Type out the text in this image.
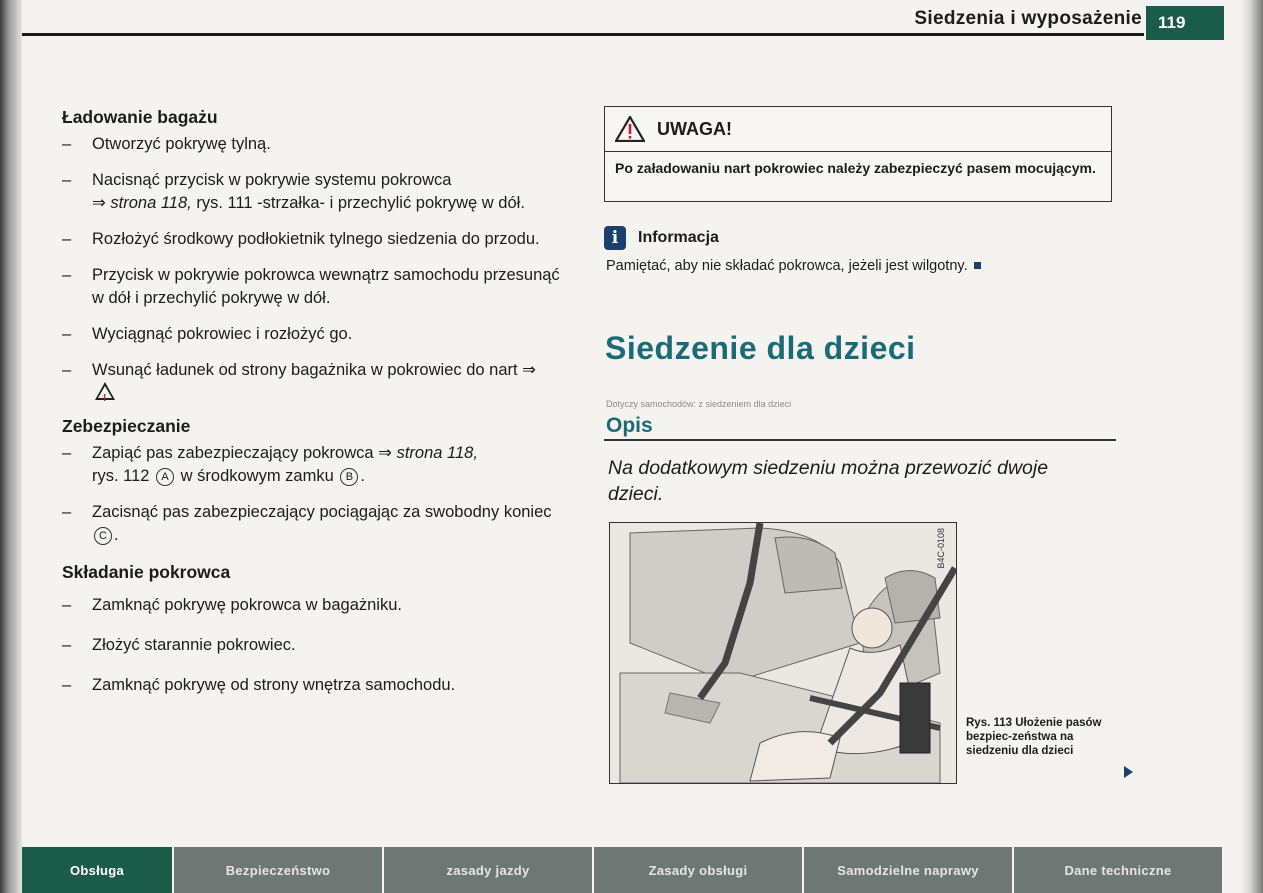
Siedzenia i wyposażenie 119

Ładowanie bagażu

– Otworzyć pokrywę tylną.
– Nacisnąć przycisk w pokrywie systemu pokrowca
⇒ strona 118, rys. 111 -strzałka- i przechylić pokrywę w dół.
– Rozłożyć środkowy podłokietnik tylnego siedzenia do przodu.
– Przycisk w pokrywie pokrowca wewnątrz samochodu przesunąć w dół i przechylić pokrywę w dół.
– Wyciągnąć pokrowiec i rozłożyć go.
– Wsunąć ładunek od strony bagażnika w pokrowiec do nart ⇒ !

Zebezpieczanie

– Zapiąć pas zabezpieczający pokrowca ⇒ strona 118,
rys. 112 A w środkowym zamku B .
– Zacisnąć pas zabezpieczający pociągając za swobodny koniec C .

Składanie pokrowca

– Zamknąć pokrywę pokrowca w bagażniku.
– Złożyć starannie pokrowiec.
– Zamknąć pokrywę od strony wnętrza samochodu.
UWAGA!
Po załadowaniu nart pokrowiec należy zabezpieczyć pasem mocującym.
i	Informacja
Pamiętać, aby nie składać pokrowca, jeżeli jest wilgotny.
Siedzenie dla dzieci
Dotyczy samochodów: z siedzeniem dla dzieci
Opis
Na dodatkowym siedzeniu można przewozić dwoje dzieci.
B4C-0108
Rys. 113 Ułożenie pasów bezpiec-zeństwa na siedzeniu dla dzieci
Obsługa	Bezpieczeństwo	zasady jazdy	Zasady obsługi	Samodzielne naprawy	Dane techniczne
